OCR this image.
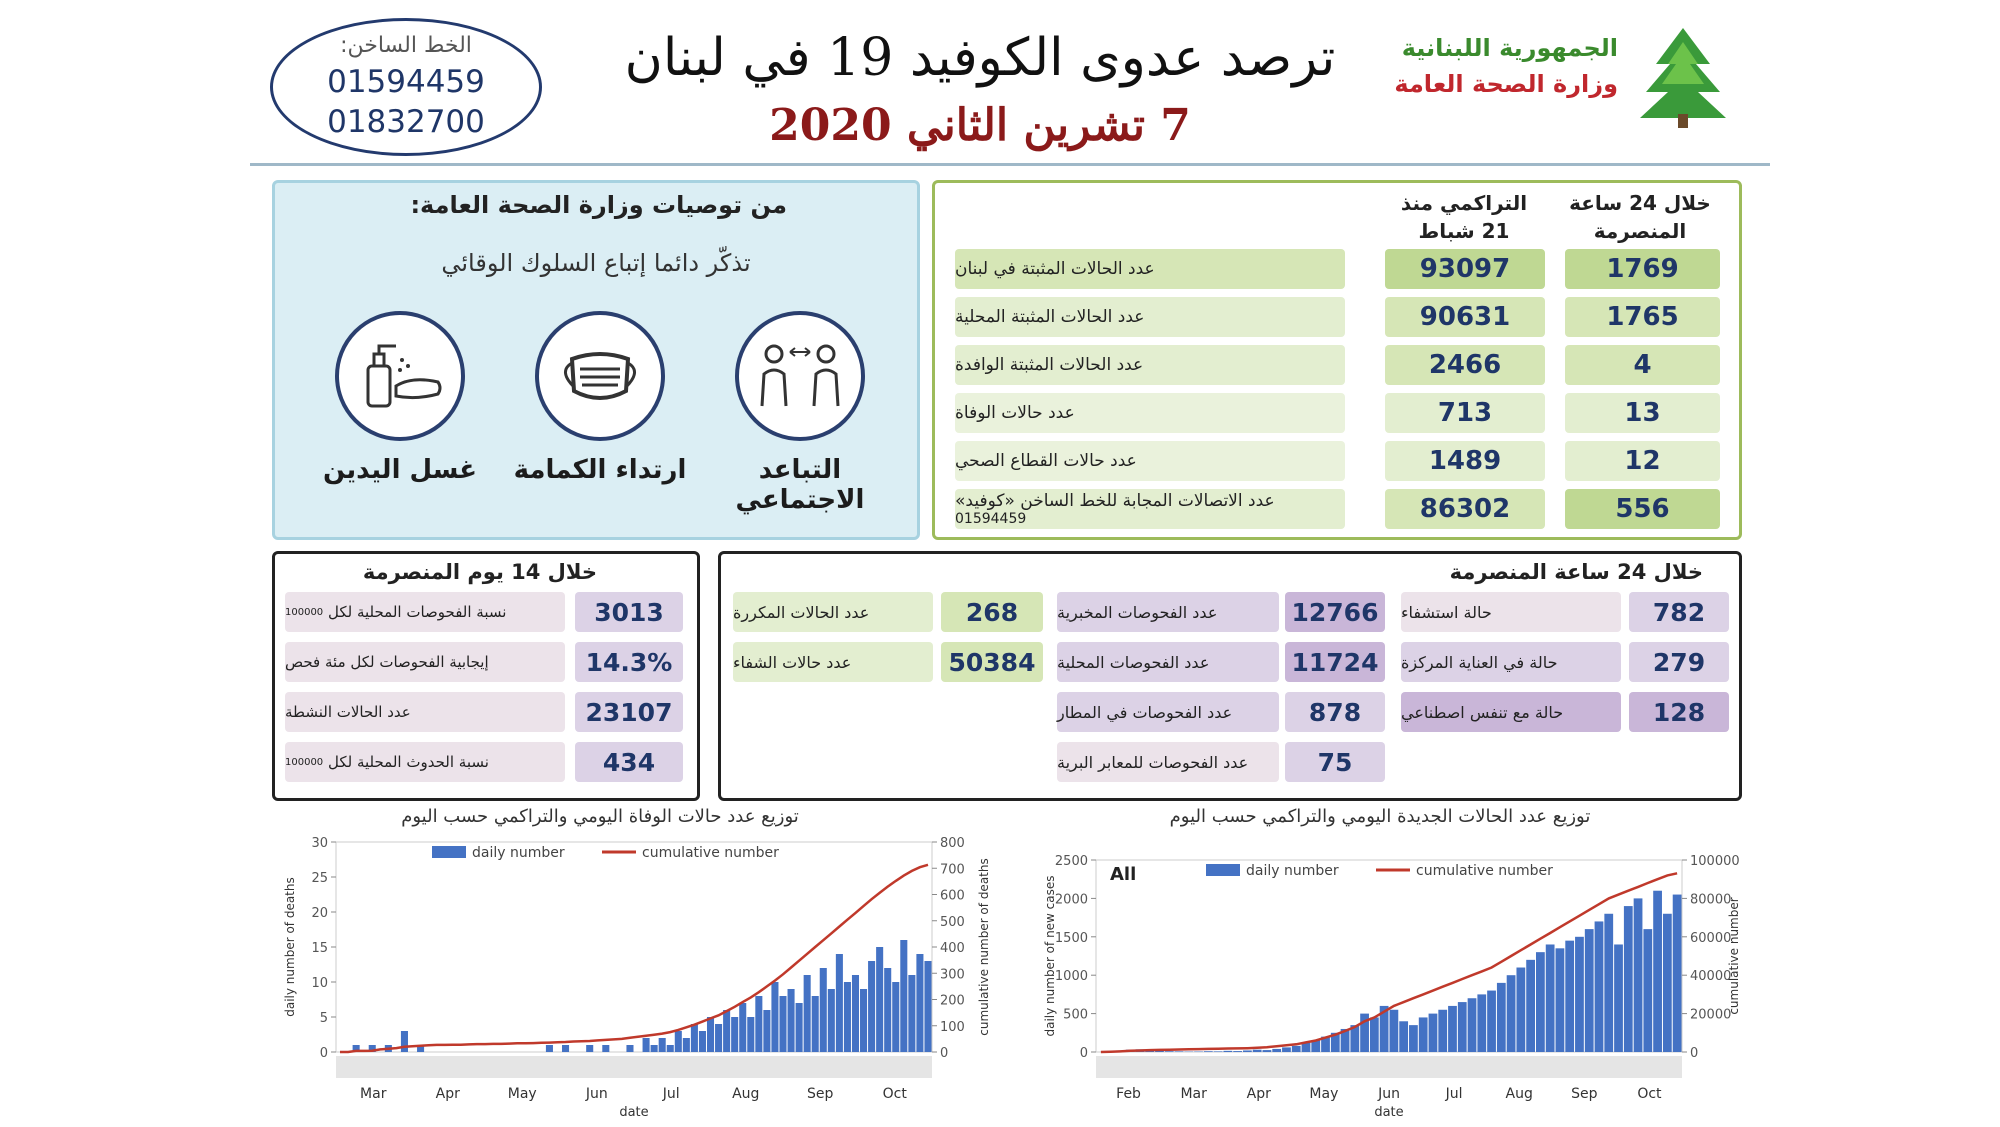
الخط الساخن:
01594459
01832700
ترصد عدوى الكوفيد 19 في لبنان
7 تشرين الثاني 2020
الجمهورية اللبنانية
وزارة الصحة العامة
من توصيات وزارة الصحة العامة:
تذكّر دائما إتباع السلوك الوقائي
التباعد الاجتماعي
ارتداء الكمامة
غسل اليدين
خلال 24 ساعة المنصرمة
التراكمي منذ 21 شباط
عدد الحالات المثبتة في لبنان	93097	1769
عدد الحالات المثبتة المحلية	90631	1765
عدد الحالات المثبتة الوافدة	2466	4
عدد حالات الوفاة	713	13
عدد حالات القطاع الصحي	1489	12
عدد الاتصالات المجابة للخط الساخن «كوفيد»
01594459	86302	556
خلال 14 يوم المنصرمة
نسبة الفحوصات المحلية لكل

100000	3013
إيجابية الفحوصات لكل مئة فحص	14.3%
عدد الحالات النشطة	23107
نسبة الحدوث المحلية لكل

100000	434
خلال 24 ساعة المنصرمة
حالة استشفاء	782
حالة في العناية المركزة	279
حالة مع تنفس اصطناعي	128
عدد الفحوصات المخبرية	12766
عدد الفحوصات المحلية	11724
عدد الفحوصات في المطار	878
عدد الفحوصات للمعابر البرية	75
عدد الحالات المكررة	268
عدد حالات الشفاء	50384
توزيع عدد حالات الوفاة اليومي والتراكمي حسب اليوم	توزيع عدد الحالات الجديدة اليومي والتراكمي حسب اليوم
0
5
10
15
20
25
30
0
100
200
300
400
500
600
700
800
Mar	Apr	May	Jun	Jul	Aug	Sep	Oct
date
daily number of deaths	cumulative number of deaths
daily number	cumulative number
0
500
1000
1500
2000
2500
0
20000
40000
60000
80000
100000
Feb	Mar	Apr	May	Jun	Jul	Aug	Sep	Oct
date
daily number of new cases	cumulative number
daily number	cumulative number
All
